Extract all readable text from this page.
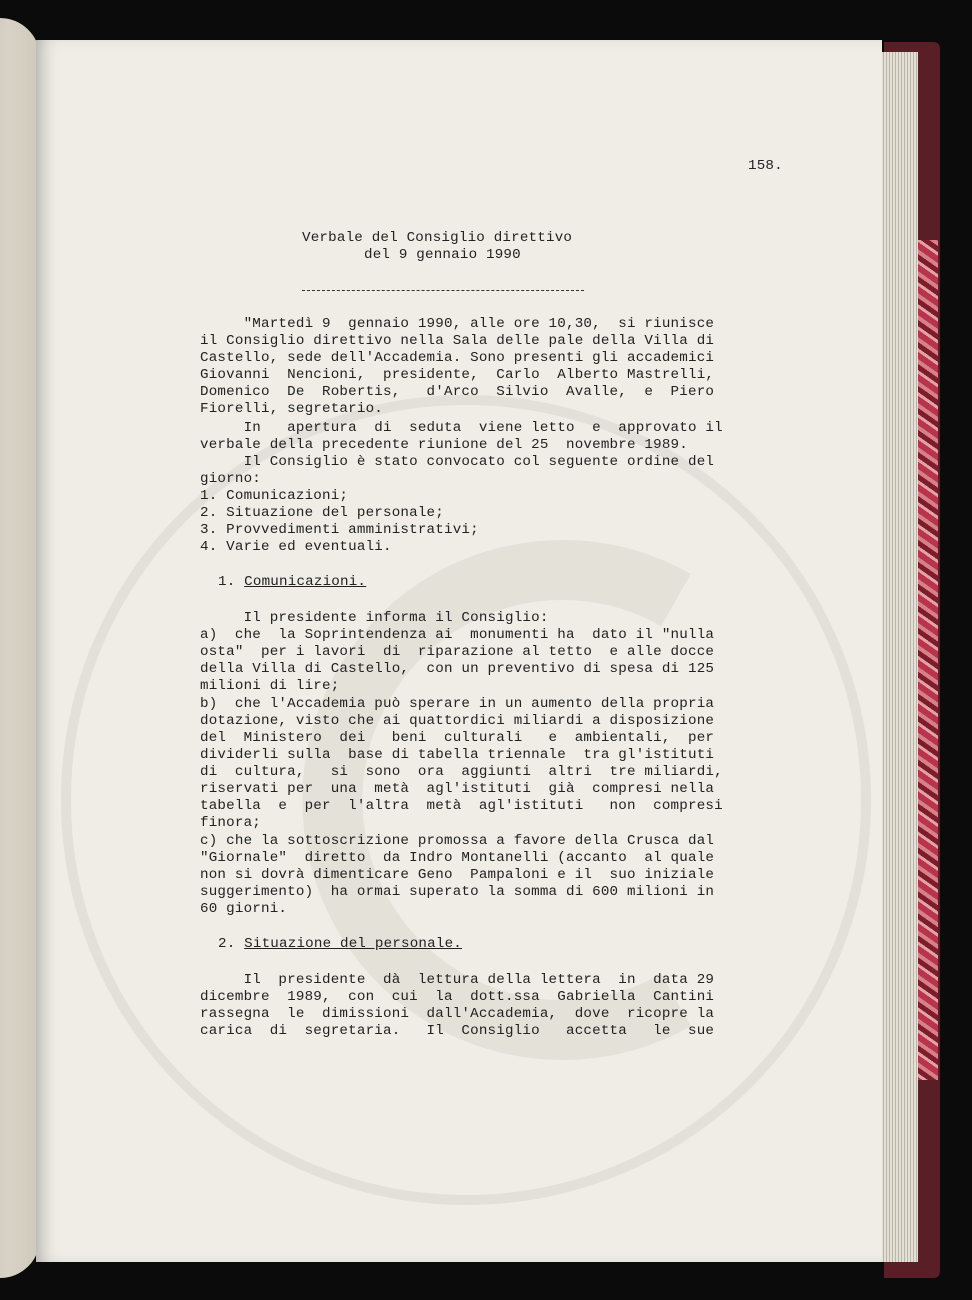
158.
Verbale del Consiglio direttivo
del 9 gennaio 1990
"Martedì 9  gennaio 1990, alle ore 10,30,  si riunisce
il Consiglio direttivo nella Sala delle pale della Villa di
Castello, sede dell'Accademia. Sono presenti gli accademici
Giovanni  Nencioni,  presidente,  Carlo  Alberto Mastrelli,
Domenico  De  Robertis,   d'Arco  Silvio  Avalle,  e  Piero
Fiorelli, segretario.
In   apertura  di  seduta  viene letto  e  approvato il
verbale della precedente riunione del 25  novembre 1989.
Il Consiglio è stato convocato col seguente ordine del
giorno:
1. Comunicazioni;
2. Situazione del personale;
3. Provvedimenti amministrativi;
4. Varie ed eventuali.
1. Comunicazioni.
Il presidente informa il Consiglio:
a)  che  la Soprintendenza ai  monumenti ha  dato il "nulla
osta"  per i lavori  di  riparazione al tetto  e alle docce
della Villa di Castello,  con un preventivo di spesa di 125
milioni di lire;
b)  che l'Accademia può sperare in un aumento della propria
dotazione, visto che ai quattordici miliardi a disposizione
del  Ministero  dei   beni  culturali   e  ambientali,  per
dividerli sulla  base di tabella triennale  tra gl'istituti
di  cultura,   si  sono  ora  aggiunti  altri  tre miliardi,
riservati per  una  metà  agl'istituti  già  compresi nella
tabella  e  per  l'altra  metà  agl'istituti   non  compresi
finora;
c) che la sottoscrizione promossa a favore della Crusca dal
"Giornale"  diretto  da Indro Montanelli (accanto  al quale
non si dovrà dimenticare Geno  Pampaloni e il  suo iniziale
suggerimento)  ha ormai superato la somma di 600 milioni in
60 giorni.
2. Situazione del personale.
Il  presidente  dà  lettura della lettera  in  data 29
dicembre  1989,  con  cui  la  dott.ssa  Gabriella  Cantini
rassegna  le  dimissioni  dall'Accademia,  dove  ricopre la
carica  di  segretaria.   Il  Consiglio   accetta   le  sue
